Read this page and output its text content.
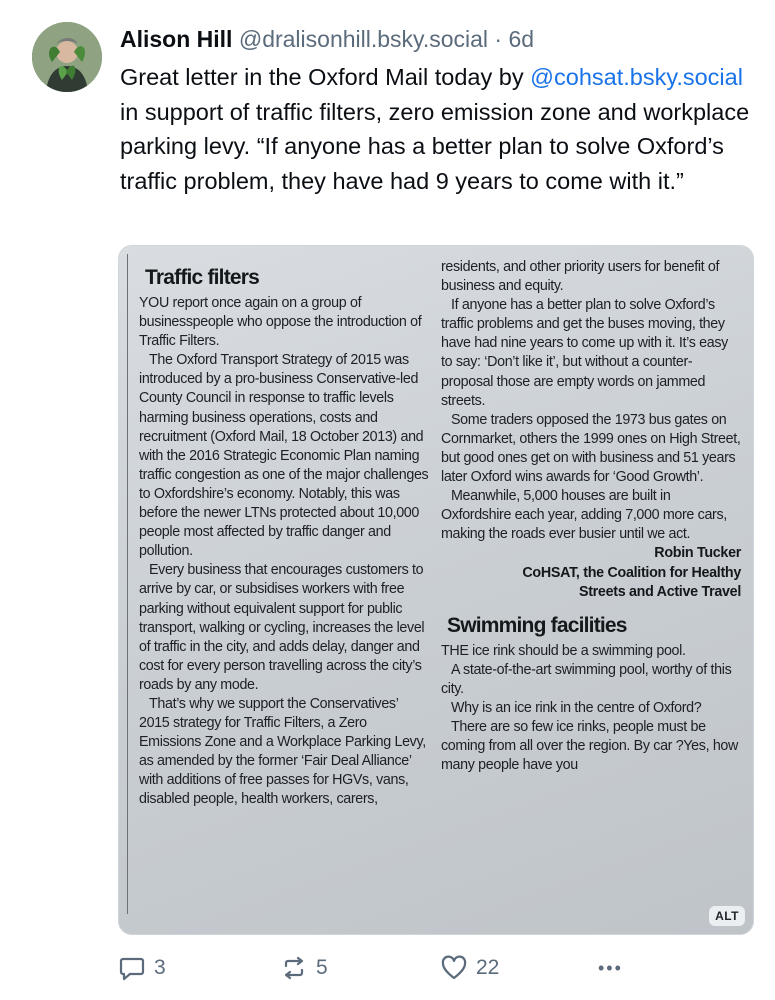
Alison Hill @dralisonhill.bsky.social · 6d
Great letter in the Oxford Mail today by @cohsat.bsky.social  in support of traffic filters, zero emission zone and workplace parking levy. “If anyone has a better plan to solve Oxford’s traffic problem, they have had 9 years to come with it.”
Traffic filters

YOU report once again on a group of businesspeople who oppose the introduction of Traffic Filters.

The Oxford Transport Strategy of 2015 was introduced by a pro-business Conservative-led County Council in response to traffic levels harming business operations, costs and recruitment (Oxford Mail, 18 October 2013) and with the 2016 Strategic Economic Plan naming traffic congestion as one of the major challenges to Oxfordshire’s economy. Notably, this was before the newer LTNs protected about 10,000 people most affected by traffic danger and pollution.

Every business that encourages customers to arrive by car, or subsidises workers with free parking without equivalent support for public transport, walking or cycling, increases the level of traffic in the city, and adds delay, danger and cost for every person travelling across the city’s roads by any mode.

That’s why we support the Conservatives’ 2015 strategy for Traffic Filters, a Zero Emissions Zone and a Workplace Parking Levy, as amended by the former ‘Fair Deal Alliance’ with additions of free passes for HGVs, vans, disabled people, health workers, carers,

residents, and other priority users for benefit of business and equity.

If anyone has a better plan to solve Oxford’s traffic problems and get the buses moving, they have had nine years to come up with it. It’s easy to say: ‘Don’t like it’, but without a counter-proposal those are empty words on jammed streets.

Some traders opposed the 1973 bus gates on Cornmarket, others the 1999 ones on High Street, but good ones get on with business and 51 years later Oxford wins awards for ‘Good Growth’.

Meanwhile, 5,000 houses are built in Oxfordshire each year, adding 7,000 more cars, making the roads ever busier until we act.

Robin Tucker

CoHSAT, the Coalition for Healthy

Streets and Active Travel

Swimming facilities

THE ice rink should be a swimming pool.

A state-of-the-art swimming pool, worthy of this city.

Why is an ice rink in the centre of Oxford?

There are so few ice rinks, people must be coming from all over the region. By car ?Yes, how many people have you

ALT
3	5	22	•••
